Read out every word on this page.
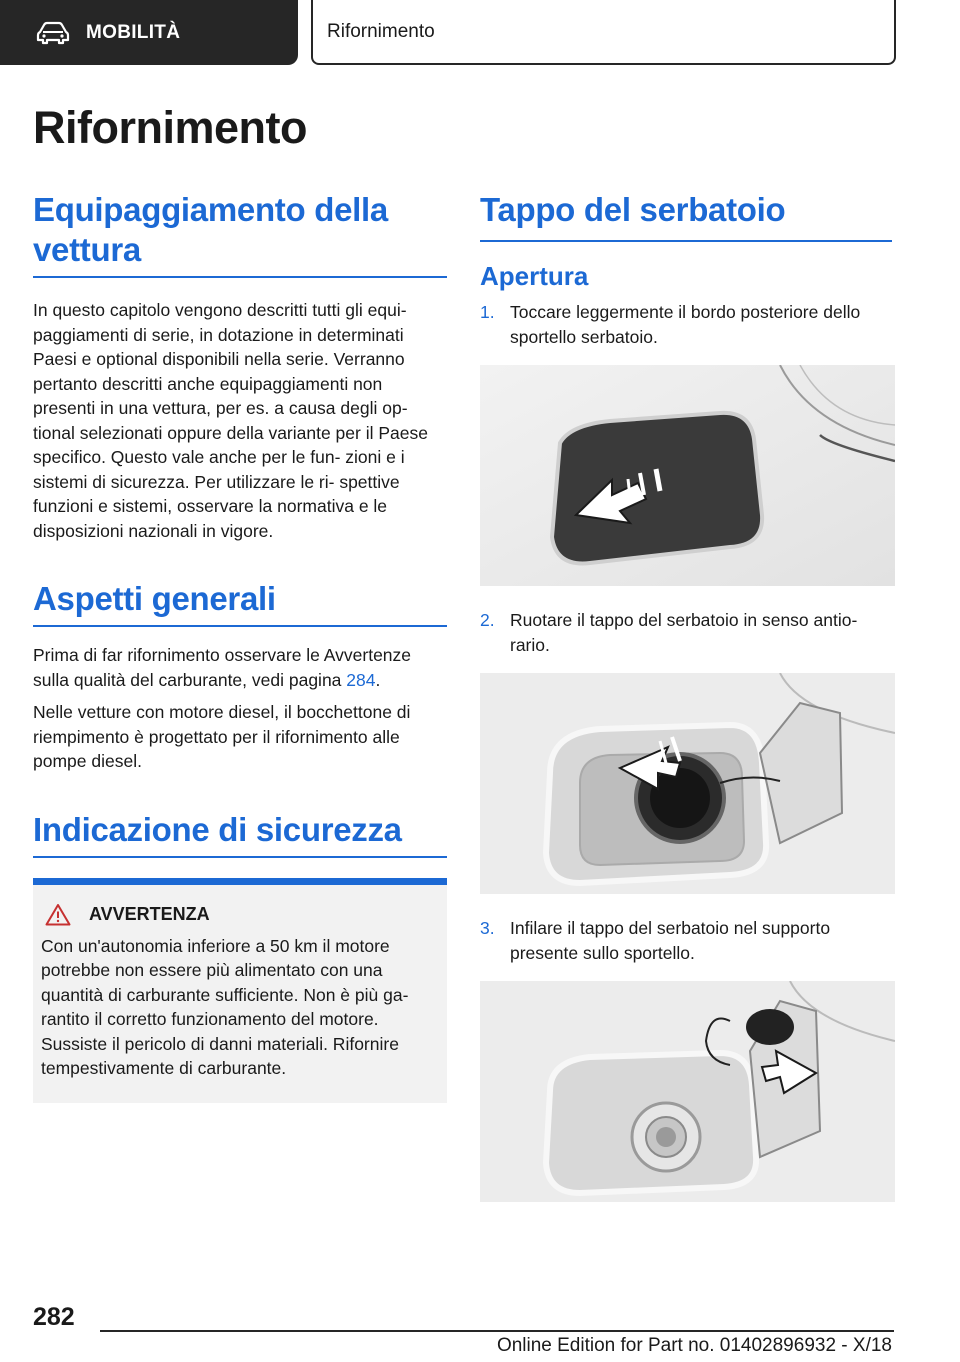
MOBILITÀ	Rifornimento
Rifornimento
Equipaggiamento della vettura

In questo capitolo vengono descritti tutti gli equi- paggiamenti di serie, in dotazione in determinati Paesi e optional disponibili nella serie. Verranno pertanto descritti anche equipaggiamenti non presenti in una vettura, per es. a causa degli op- tional selezionati oppure della variante per il Paese specifico. Questo vale anche per le fun- zioni e i sistemi di sicurezza. Per utilizzare le ri- spettive funzioni e sistemi, osservare la normativa e le disposizioni nazionali in vigore.

Aspetti generali

Prima di far rifornimento osservare le Avvertenze sulla qualità del carburante, vedi pagina 284.

Nelle vetture con motore diesel, il bocchettone di riempimento è progettato per il rifornimento alle pompe diesel.

Indicazione di sicurezza
AVVERTENZA

Con un'autonomia inferiore a 50 km il motore potrebbe non essere più alimentato con una quantità di carburante sufficiente. Non è più ga- rantito il corretto funzionamento del motore. Sussiste il pericolo di danni materiali. Rifornire tempestivamente di carburante.

Tappo del serbatoio
Apertura
1. Toccare leggermente il bordo posteriore dello sportello serbatoio.
2. Ruotare il tappo del serbatoio in senso antio- rario.
3. Infilare il tappo del serbatoio nel supporto presente sullo sportello.
282
Online Edition for Part no. 01402896932 - X/18
